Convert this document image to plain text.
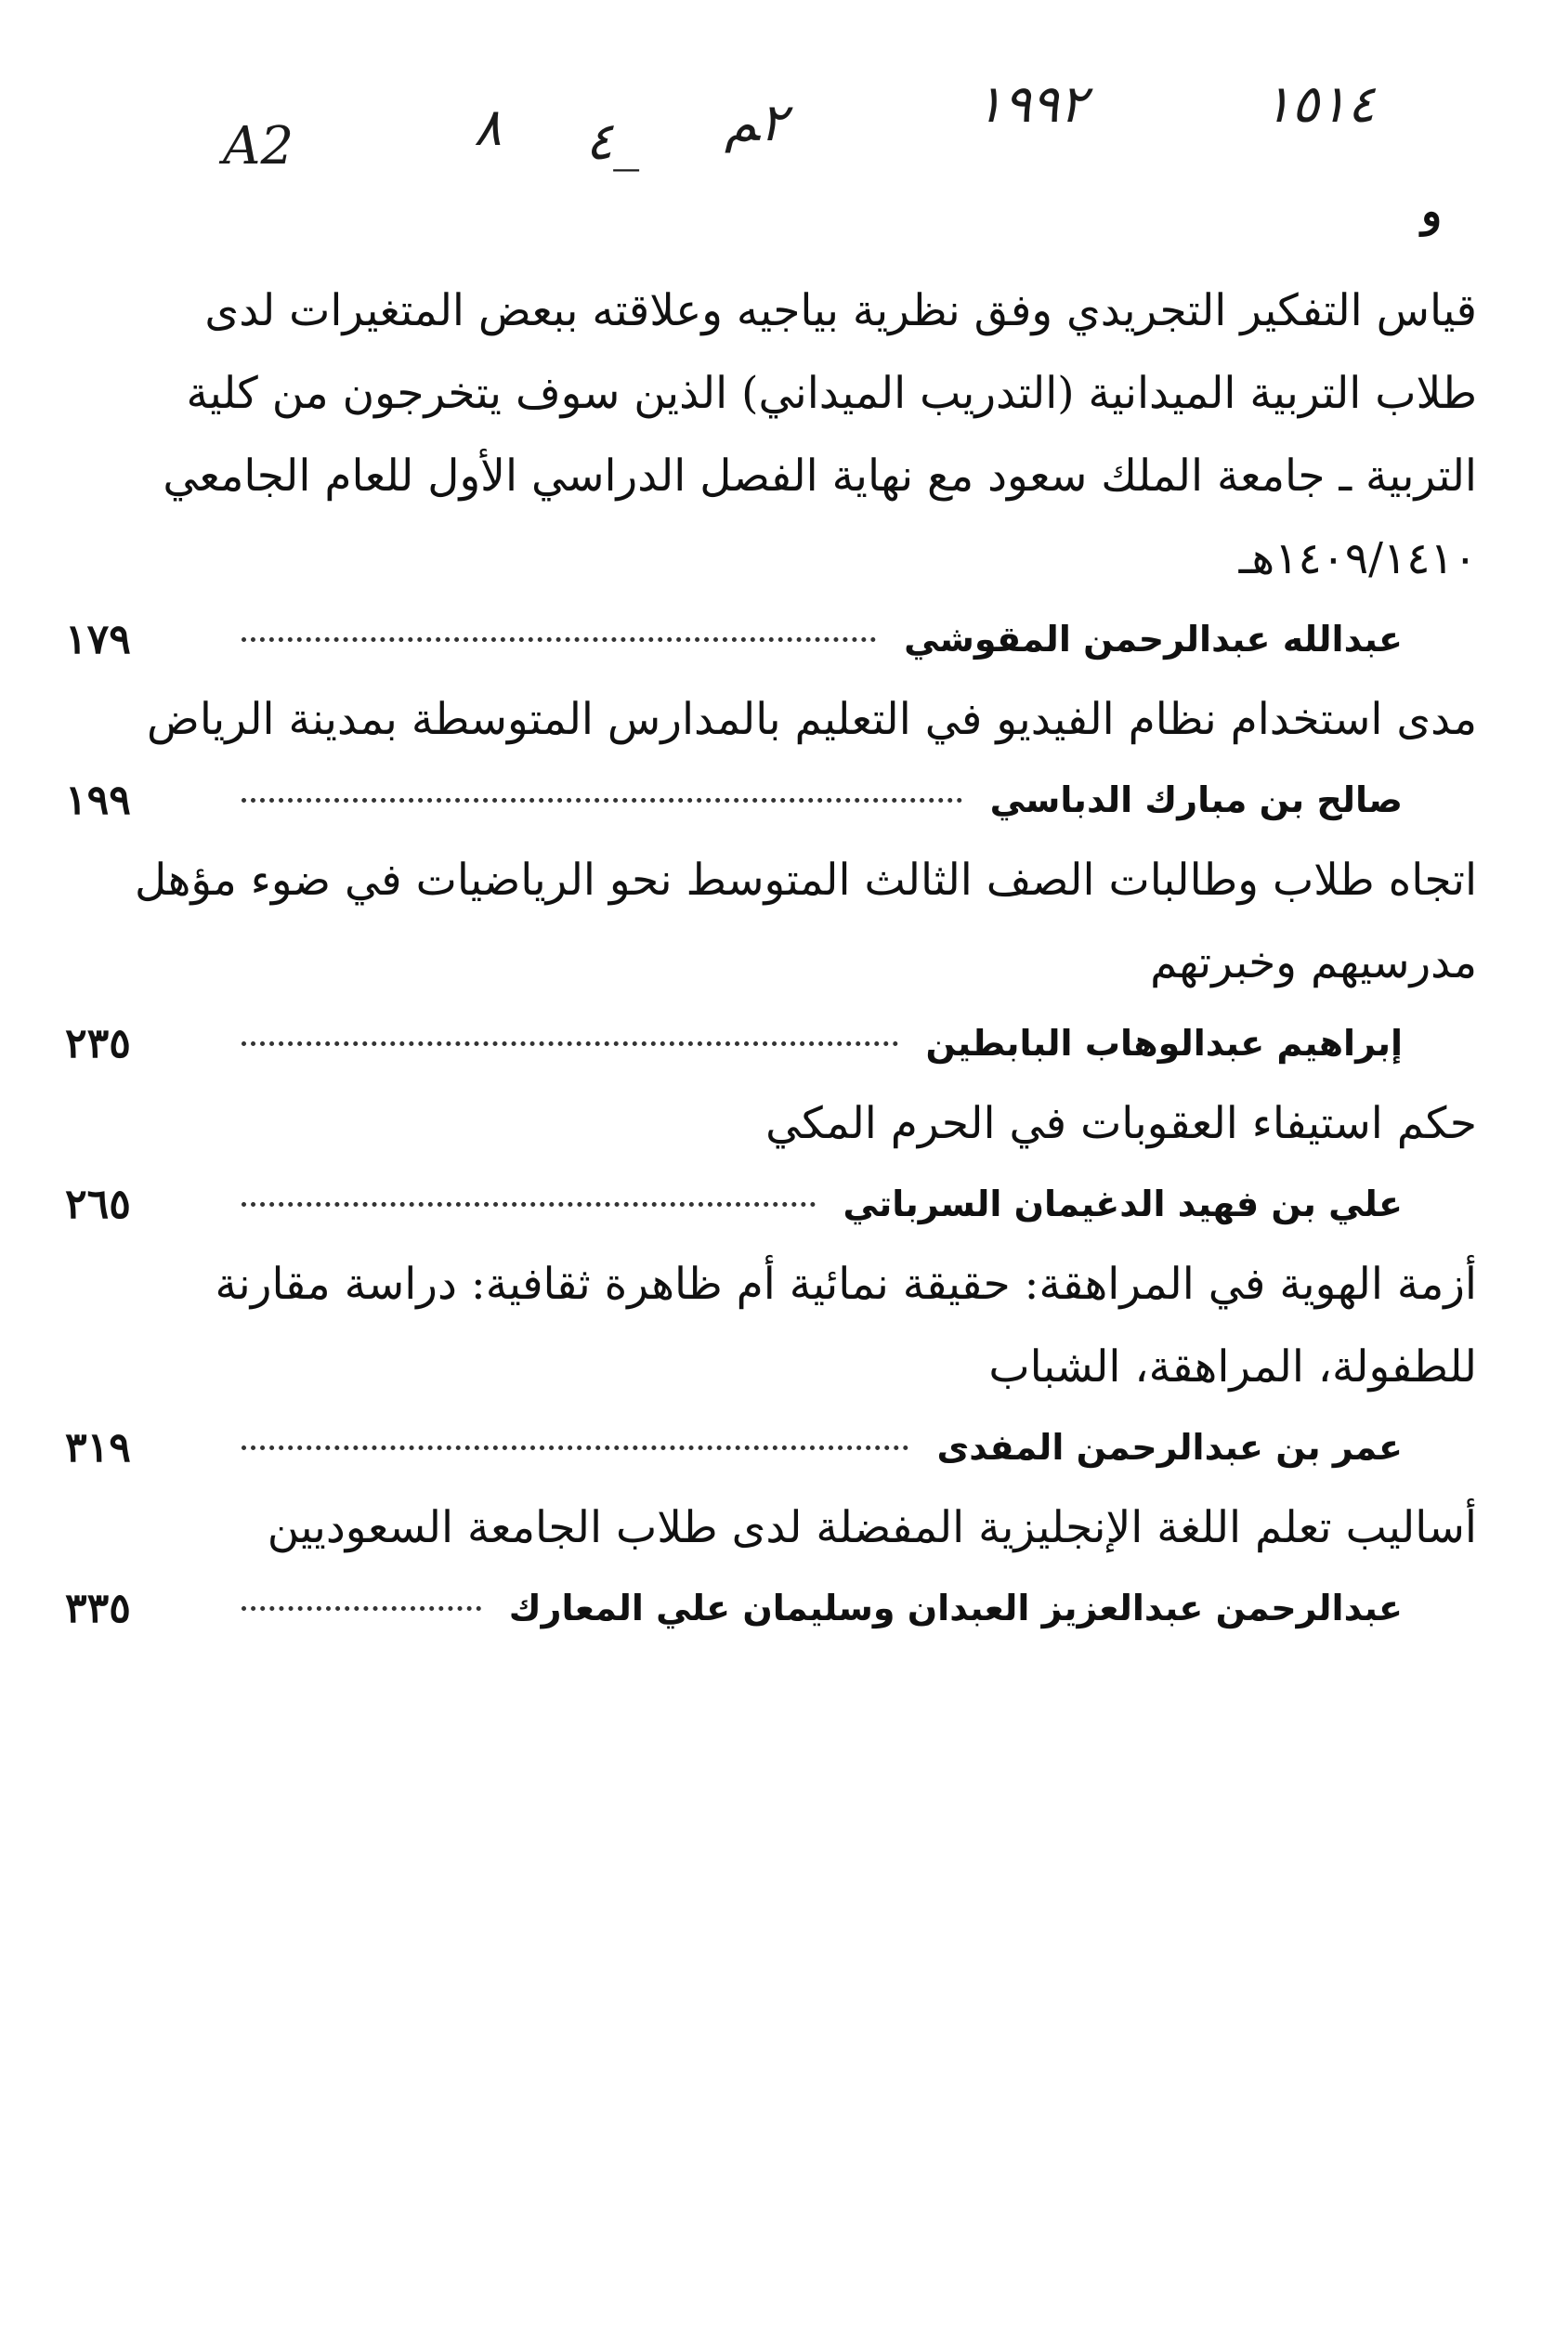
A2	٨ ٤_ ٢ﻢ	١٩٩٢	١٥١٤
و

قياس التفكير التجريدي وفق نظرية بياجيه وعلاقته ببعض المتغيرات لدى

طلاب التربية الميدانية (التدريب الميداني) الذين سوف يتخرجون من كلية

التربية ـ جامعة الملك سعود مع نهاية الفصل الدراسي الأول للعام الجامعي

١٤٠٩/١٤١٠هـ

١٧٩	عبدالله عبدالرحمن المقوشي

مدى استخدام نظام الفيديو في التعليم بالمدارس المتوسطة بمدينة الرياض

١٩٩	صالح بن مبارك الدباسي

اتجاه طلاب وطالبات الصف الثالث المتوسط نحو الرياضيات في ضوء مؤهل

مدرسيهم وخبرتهم

٢٣٥	إبراهيم عبدالوهاب البابطين

حكم استيفاء العقوبات في الحرم المكي

٢٦٥	علي بن فهيد الدغيمان السرباتي

أزمة الهوية في المراهقة: حقيقة نمائية أم ظاهرة ثقافية: دراسة مقارنة

للطفولة، المراهقة، الشباب

٣١٩	عمر بن عبدالرحمن المفدى

أساليب تعلم اللغة الإنجليزية المفضلة لدى طلاب الجامعة السعوديين

٣٣٥	عبدالرحمن عبدالعزيز العبدان وسليمان علي المعارك
